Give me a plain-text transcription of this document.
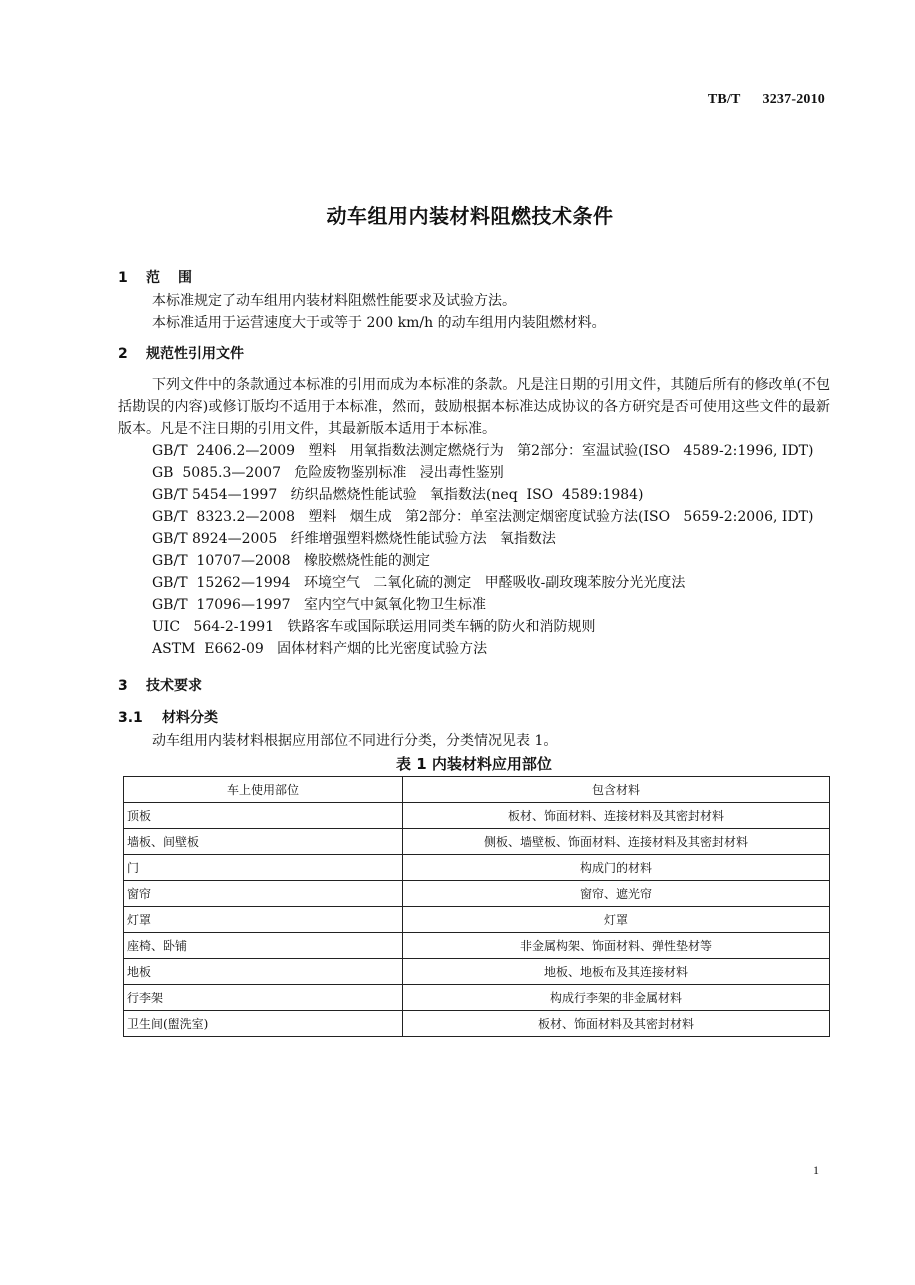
TB/T 3237-2010
动车组用内装材料阻燃技术条件
1 范围

本标准规定了动车组用内装材料阻燃性能要求及试验方法。

本标准适用于运营速度大于或等于 200 km/h 的动车组用内装阻燃材料。

2 规范性引用文件

下列文件中的条款通过本标准的引用而成为本标准的条款。凡是注日期的引用文件，其随后所有的修改单(不包括勘误的内容)或修订版均不适用于本标准，然而，鼓励根据本标准达成协议的各方研究是否可使用这些文件的最新版本。凡是不注日期的引用文件，其最新版本适用于本标准。

GB/T  2406.2—2009   塑料   用氧指数法测定燃烧行为   第2部分：室温试验(ISO   4589-2:1996, IDT)

GB  5085.3—2007   危险废物鉴别标准   浸出毒性鉴别

GB/T 5454—1997   纺织品燃烧性能试验   氧指数法(neq  ISO  4589:1984)

GB/T  8323.2—2008   塑料   烟生成   第2部分：单室法测定烟密度试验方法(ISO   5659-2:2006, IDT)

GB/T 8924—2005   纤维增强塑料燃烧性能试验方法   氧指数法

GB/T  10707—2008   橡胶燃烧性能的测定

GB/T  15262—1994   环境空气   二氧化硫的测定   甲醛吸收-副玫瑰苯胺分光光度法

GB/T  17096—1997   室内空气中氮氧化物卫生标准

UIC   564-2-1991   铁路客车或国际联运用同类车辆的防火和消防规则

ASTM  E662-09   固体材料产烟的比光密度试验方法

3 技术要求
3.1 材料分类

动车组用内装材料根据应用部位不同进行分类，分类情况见表 1。

表 1 内装材料应用部位
车上使用部位	包含材料
顶板	板材、饰面材料、连接材料及其密封材料
墙板、间壁板	侧板、墙壁板、饰面材料、连接材料及其密封材料
门	构成门的材料
窗帘	窗帘、遮光帘
灯罩	灯罩
座椅、卧铺	非金属构架、饰面材料、弹性垫材等
地板	地板、地板布及其连接材料
行李架	构成行李架的非金属材料
卫生间(盥洗室)	板材、饰面材料及其密封材料
1
